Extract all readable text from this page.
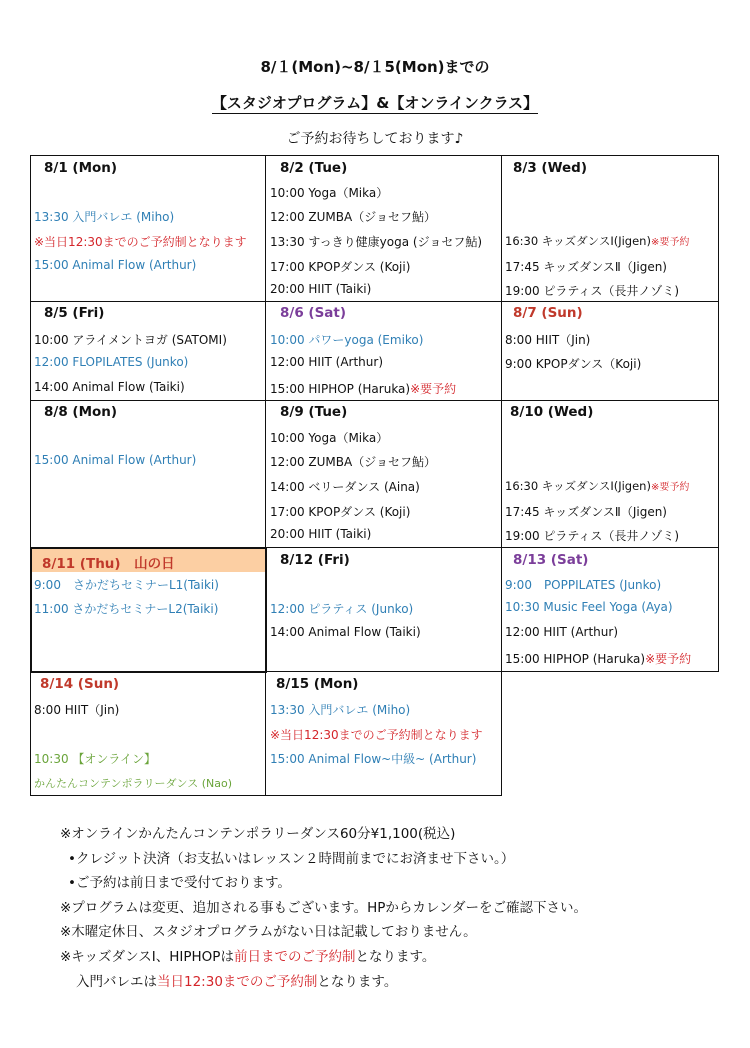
8/１(Mon)~8/１5(Mon)までの
【スタジオプログラム】&【オンラインクラス】
ご予約お待ちしております♪
8/1 (Mon)
13:30 入門バレエ (Miho)
※当日12:30までのご予約制となります
15:00 Animal Flow (Arthur)
8/2 (Tue)
10:00 Yoga（Mika）
12:00 ZUMBA（ジョセフ鮎）
13:30 すっきり健康yoga (ジョセフ鮎)
17:00 KPOPダンス (Koji)
20:00 HIIT (Taiki)
8/3 (Wed)
16:30 キッズダンスⅠ(Jigen)※要予約
17:45 キッズダンスⅡ（Jigen)
19:00 ピラティス（長井ノゾミ)
8/5 (Fri)
10:00 アライメントヨガ (SATOMI)
12:00 FLOPILATES (Junko)
14:00 Animal Flow (Taiki)
8/6 (Sat)
10:00 パワーyoga (Emiko)
12:00 HIIT (Arthur)
15:00 HIPHOP (Haruka)※要予約
8/7 (Sun)
8:00 HIIT（Jin)
9:00 KPOPダンス（Koji)
8/8 (Mon)
15:00 Animal Flow (Arthur)
8/9 (Tue)
10:00 Yoga（Mika）
12:00 ZUMBA（ジョセフ鮎）
14:00 ベリーダンス (Aina)
17:00 KPOPダンス (Koji)
20:00 HIIT (Taiki)
8/10 (Wed)
16:30 キッズダンスⅠ(Jigen)※要予約
17:45 キッズダンスⅡ（Jigen)
19:00 ピラティス（長井ノゾミ)
8/11 (Thu)　山の日
9:00　さかだちセミナーL1(Taiki)
11:00 さかだちセミナーL2(Taiki)
8/12 (Fri)
12:00 ピラティス (Junko)
14:00 Animal Flow (Taiki)
8/13 (Sat)
9:00　POPPILATES (Junko)
10:30 Music Feel Yoga (Aya)
12:00 HIIT (Arthur)
15:00 HIPHOP (Haruka)※要予約
8/14 (Sun)
8:00 HIIT（Jin)
10:30 【オンライン】
かんたんコンテンポラリーダンス (Nao)
8/15 (Mon)
13:30 入門バレエ (Miho)
※当日12:30までのご予約制となります
15:00 Animal Flow~中級~ (Arthur)
※オンラインかんたんコンテンポラリーダンス60分¥1,100(税込)
•クレジット決済（お支払いはレッスン２時間前までにお済ませ下さい。）
•ご予約は前日まで受付ております。
※プログラムは変更、追加される事もございます。HPからカレンダーをご確認下さい。
※木曜定休日、スタジオプログラムがない日は記載しておりません。
※キッズダンスⅠ、HIPHOPは前日までのご予約制となります。
入門バレエは当日12:30までのご予約制となります。
